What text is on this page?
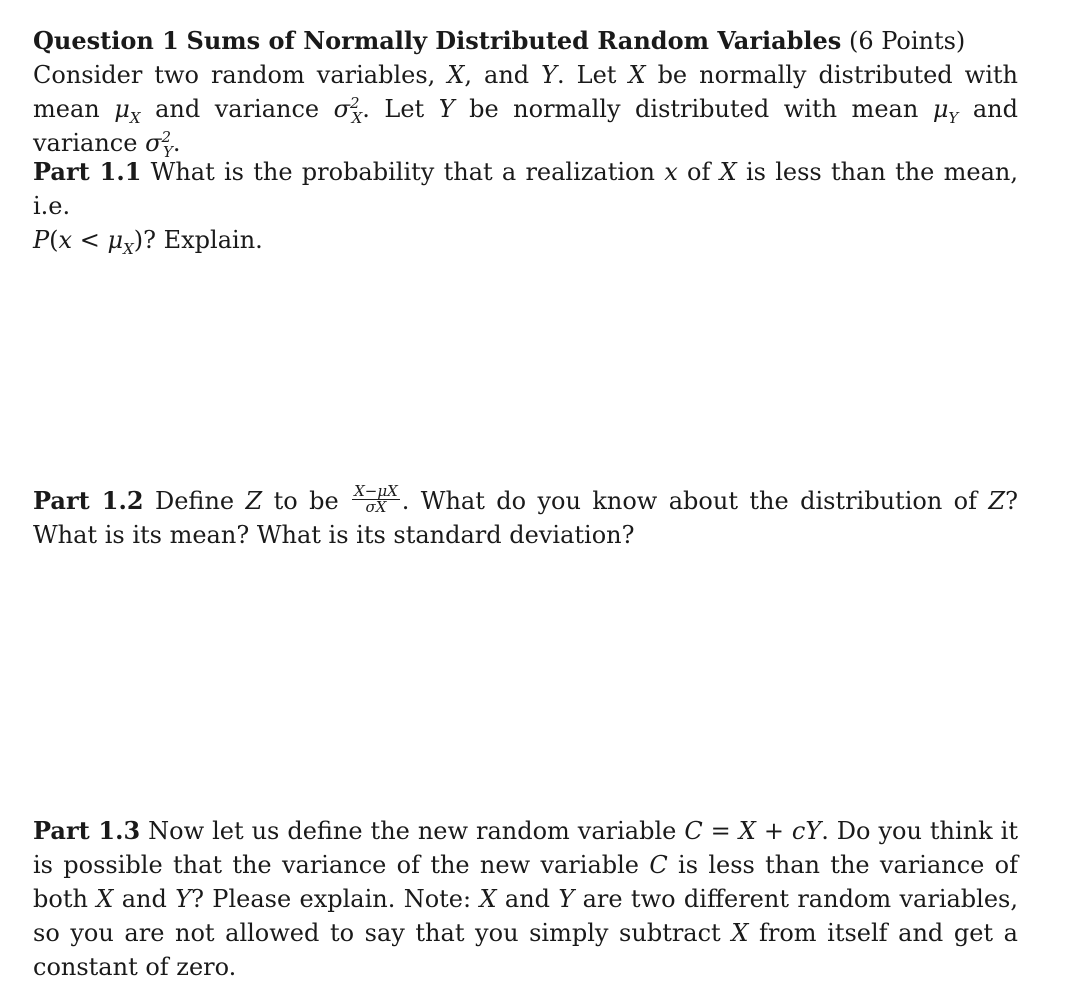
Question 1 Sums of Normally Distributed Random Variables (6 Points)
Consider two random variables, X, and Y. Let X be normally distributed with mean $\mu_X$ and variance $\sigma^2_X$. Let Y be normally distributed with mean $\mu_Y$ and variance $\sigma^2_Y$.
Part 1.1 What is the probability that a realization x of X is less than the mean, i.e.
$P(x < \mu_X)$? Explain.
Part 1.2 Define Z to be $\frac{X-\mu X}{\sigma X}$ . What do you know about the distribution of Z? What is its mean? What is its standard deviation?
Part 1.3 Now let us define the new random variable C = X + cY. Do you think it is possible that the variance of the new variable C is less than the variance of both X and Y? Please explain. Note: X and Y are two different random variables, so you are not allowed to say that you simply subtract X from itself and get a constant of zero.
